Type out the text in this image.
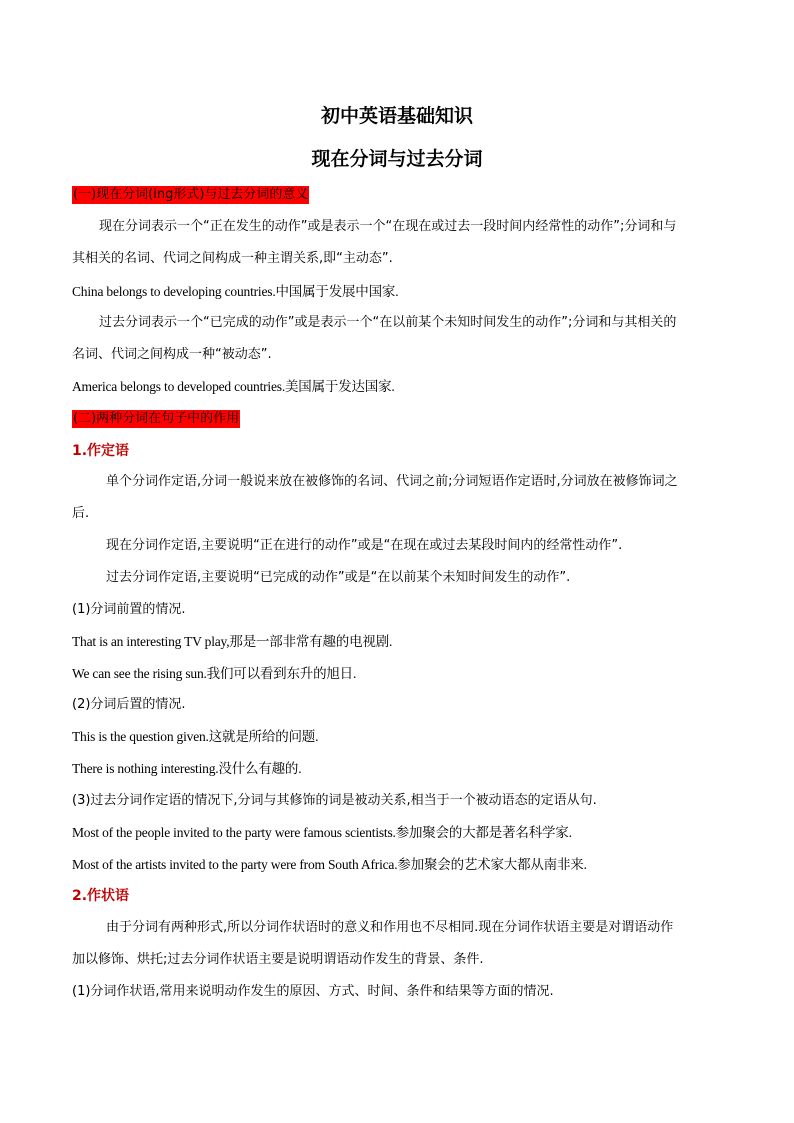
初中英语基础知识
现在分词与过去分词
(一)现在分词(ing形式)与过去分词的意义

现在分词表示一个“正在发生的动作”或是表示一个“在现在或过去一段时间内经常性的动作”;分词和与

其相关的名词、代词之间构成一种主谓关系,即“主动态”.

China belongs to developing countries.中国属于发展中国家.

过去分词表示一个“已完成的动作”或是表示一个“在以前某个未知时间发生的动作”;分词和与其相关的

名词、代词之间构成一种“被动态”.

America belongs to developed countries.美国属于发达国家.

(二)两种分词在句子中的作用
1.作定语

单个分词作定语,分词一般说来放在被修饰的名词、代词之前;分词短语作定语时,分词放在被修饰词之

后.

现在分词作定语,主要说明“正在进行的动作”或是“在现在或过去某段时间内的经常性动作”.

过去分词作定语,主要说明“已完成的动作”或是“在以前某个未知时间发生的动作”.

(1)分词前置的情况.

That is an interesting TV play,那是一部非常有趣的电视剧.

We can see the rising sun.我们可以看到东升的旭日.

(2)分词后置的情况.

This is the question given.这就是所给的问题.

There is nothing interesting.没什么有趣的.

(3)过去分词作定语的情况下,分词与其修饰的词是被动关系,相当于一个被动语态的定语从句.

Most of the people invited to the party were famous scientists.参加聚会的大都是著名科学家.

Most of the artists invited to the party were from South Africa.参加聚会的艺术家大都从南非来.

2.作状语

由于分词有两种形式,所以分词作状语时的意义和作用也不尽相同.现在分词作状语主要是对谓语动作

加以修饰、烘托;过去分词作状语主要是说明谓语动作发生的背景、条件.

(1)分词作状语,常用来说明动作发生的原因、方式、时间、条件和结果等方面的情况.
